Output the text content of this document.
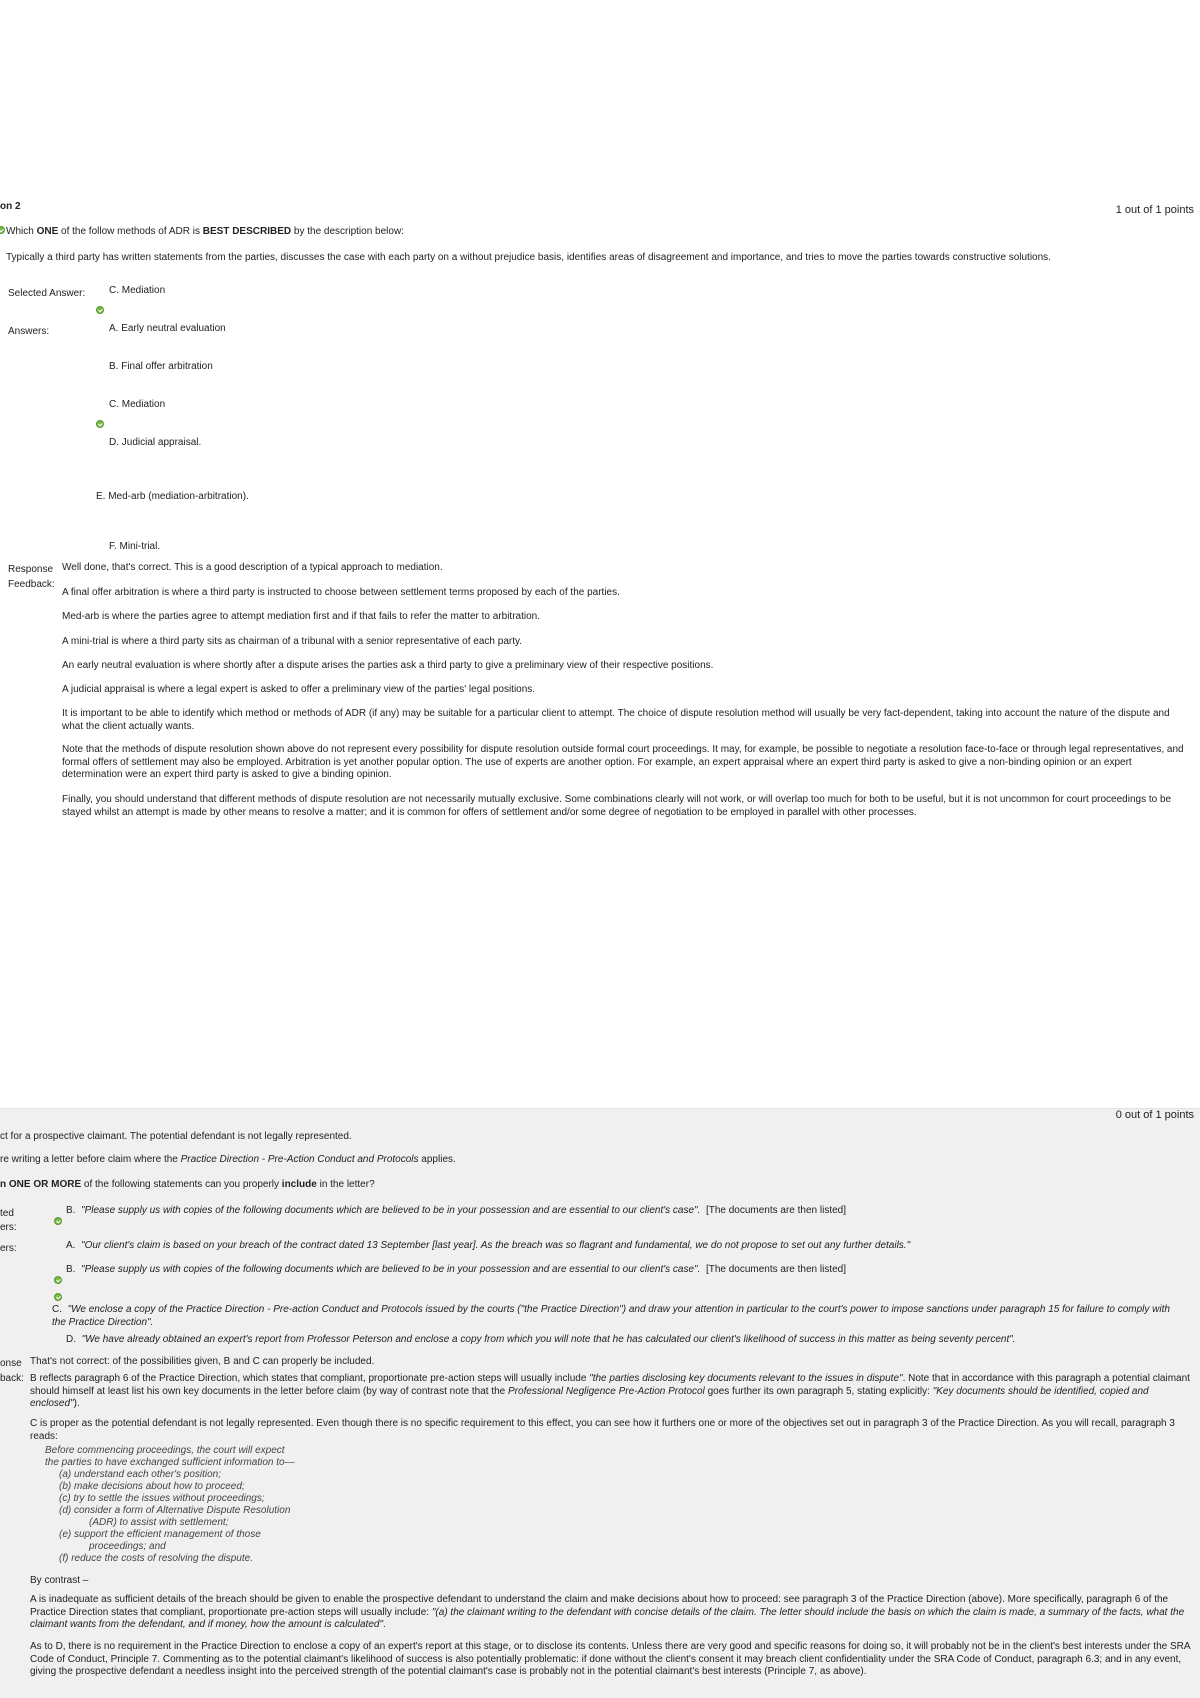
on 2	1 out of 1 points
Which ONE of the follow methods of ADR is BEST DESCRIBED by the description below:
Typically a third party has written statements from the parties, discusses the case with each party on a without prejudice basis, identifies areas of disagreement and importance, and tries to move the parties towards constructive solutions.
Selected Answer: C. Mediation
Answers:	A. Early neutral evaluation
B. Final offer arbitration
C. Mediation
D. Judicial appraisal.
E. Med-arb (mediation-arbitration).
F. Mini-trial.
Response
Feedback:
Well done, that's correct. This is a good description of a typical approach to mediation.
A final offer arbitration is where a third party is instructed to choose between settlement terms proposed by each of the parties.
Med-arb is where the parties agree to attempt mediation first and if that fails to refer the matter to arbitration.
A mini-trial is where a third party sits as chairman of a tribunal with a senior representative of each party.
An early neutral evaluation is where shortly after a dispute arises the parties ask a third party to give a preliminary view of their respective positions.
A judicial appraisal is where a legal expert is asked to offer a preliminary view of the parties' legal positions.
It is important to be able to identify which method or methods of ADR (if any) may be suitable for a particular client to attempt. The choice of dispute resolution method will usually be very fact-dependent, taking into account the nature of the dispute and what the client actually wants.
Note that the methods of dispute resolution shown above do not represent every possibility for dispute resolution outside formal court proceedings. It may, for example, be possible to negotiate a resolution face-to-face or through legal representatives, and formal offers of settlement may also be employed. Arbitration is yet another popular option. The use of experts are another option. For example, an expert appraisal where an expert third party is asked to give a non-binding opinion or an expert determination were an expert third party is asked to give a binding opinion.
Finally, you should understand that different methods of dispute resolution are not necessarily mutually exclusive. Some combinations clearly will not work, or will overlap too much for both to be useful, but it is not uncommon for court proceedings to be stayed whilst an attempt is made by other means to resolve a matter; and it is common for offers of settlement and/or some degree of negotiation to be employed in parallel with other processes.
0 out of 1 points
ct for a prospective claimant. The potential defendant is not legally represented.
re writing a letter before claim where the Practice Direction - Pre-Action Conduct and Protocols applies.
n ONE OR MORE of the following statements can you properly include in the letter?
ted
ers:
B. "Please supply us with copies of the following documents which are believed to be in your possession and are essential to our client's case". [The documents are then listed]
ers:	A. "Our client's claim is based on your breach of the contract dated 13 September [last year]. As the breach was so flagrant and fundamental, we do not propose to set out any further details."
B. "Please supply us with copies of the following documents which are believed to be in your possession and are essential to our client's case". [The documents are then listed]
C. "We enclose a copy of the Practice Direction - Pre-action Conduct and Protocols issued by the courts ("the Practice Direction") and draw your attention in particular to the court's power to impose sanctions under paragraph 15 for failure to comply with the Practice Direction".
D. "We have already obtained an expert's report from Professor Peterson and enclose a copy from which you will note that he has calculated our client's likelihood of success in this matter as being seventy percent".
onse
back:
That's not correct: of the possibilities given, B and C can properly be included.
B reflects paragraph 6 of the Practice Direction, which states that compliant, proportionate pre-action steps will usually include "the parties disclosing key documents relevant to the issues in dispute". Note that in accordance with this paragraph a potential claimant should himself at least list his own key documents in the letter before claim (by way of contrast note that the Professional Negligence Pre-Action Protocol goes further its own paragraph 5, stating explicitly: "Key documents should be identified, copied and enclosed").
C is proper as the potential defendant is not legally represented. Even though there is no specific requirement to this effect, you can see how it furthers one or more of the objectives set out in paragraph 3 of the Practice Direction. As you will recall, paragraph 3 reads:
Before commencing proceedings, the court will expect
the parties to have exchanged sufficient information to—
(a) understand each other's position;
(b) make decisions about how to proceed;
(c) try to settle the issues without proceedings;
(d) consider a form of Alternative Dispute Resolution
(ADR) to assist with settlement;
(e) support the efficient management of those
proceedings; and
(f) reduce the costs of resolving the dispute.
By contrast –
A is inadequate as sufficient details of the breach should be given to enable the prospective defendant to understand the claim and make decisions about how to proceed: see paragraph 3 of the Practice Direction (above). More specifically, paragraph 6 of the Practice Direction states that compliant, proportionate pre-action steps will usually include: "(a) the claimant writing to the defendant with concise details of the claim. The letter should include the basis on which the claim is made, a summary of the facts, what the claimant wants from the defendant, and if money, how the amount is calculated".
As to D, there is no requirement in the Practice Direction to enclose a copy of an expert's report at this stage, or to disclose its contents. Unless there are very good and specific reasons for doing so, it will probably not be in the client's best interests under the SRA Code of Conduct, Principle 7. Commenting as to the potential claimant's likelihood of success is also potentially problematic: if done without the client's consent it may breach client confidentiality under the SRA Code of Conduct, paragraph 6.3; and in any event, giving the prospective defendant a needless insight into the perceived strength of the potential claimant's case is probably not in the potential claimant's best interests (Principle 7, as above).
